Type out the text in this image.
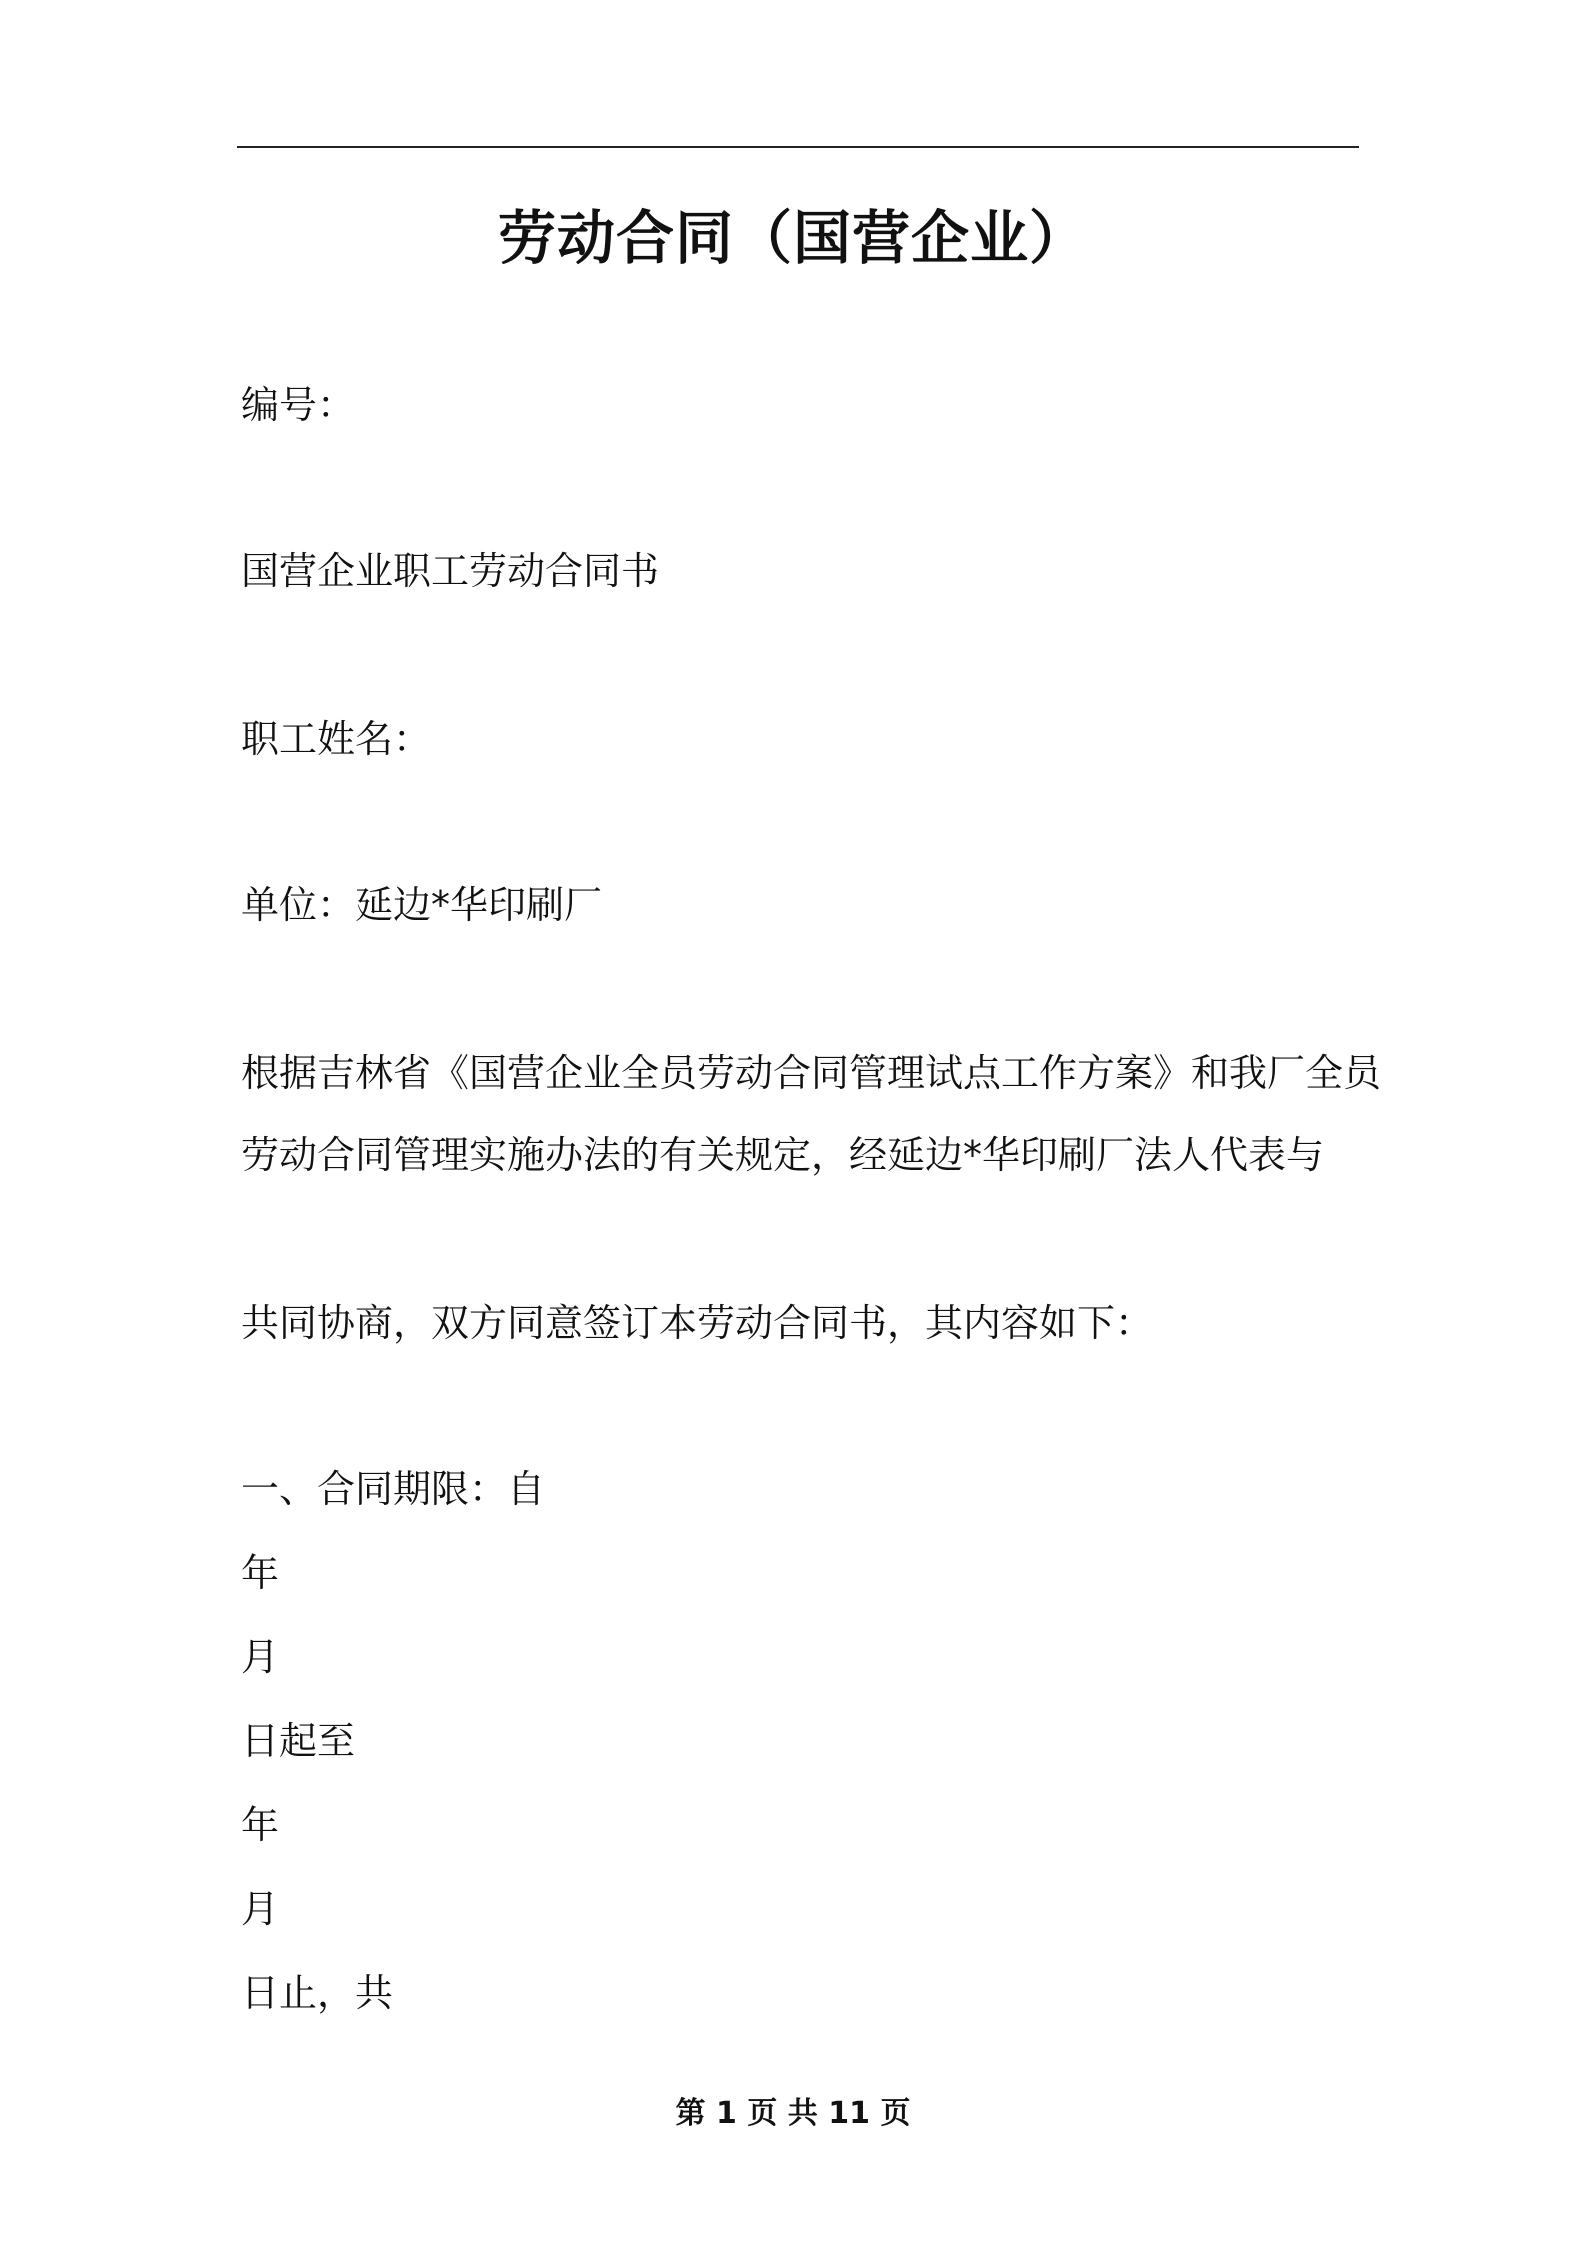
劳动合同（国营企业）
编号：
国营企业职工劳动合同书
职工姓名：
单位：延边*华印刷厂
根据吉林省《国营企业全员劳动合同管理试点工作方案》和我厂全员
劳动合同管理实施办法的有关规定，经延边*华印刷厂法人代表与
共同协商，双方同意签订本劳动合同书，其内容如下：
一、合同期限：自
年
月
日起至
年
月
日止，共
第 1 页 共 11 页
